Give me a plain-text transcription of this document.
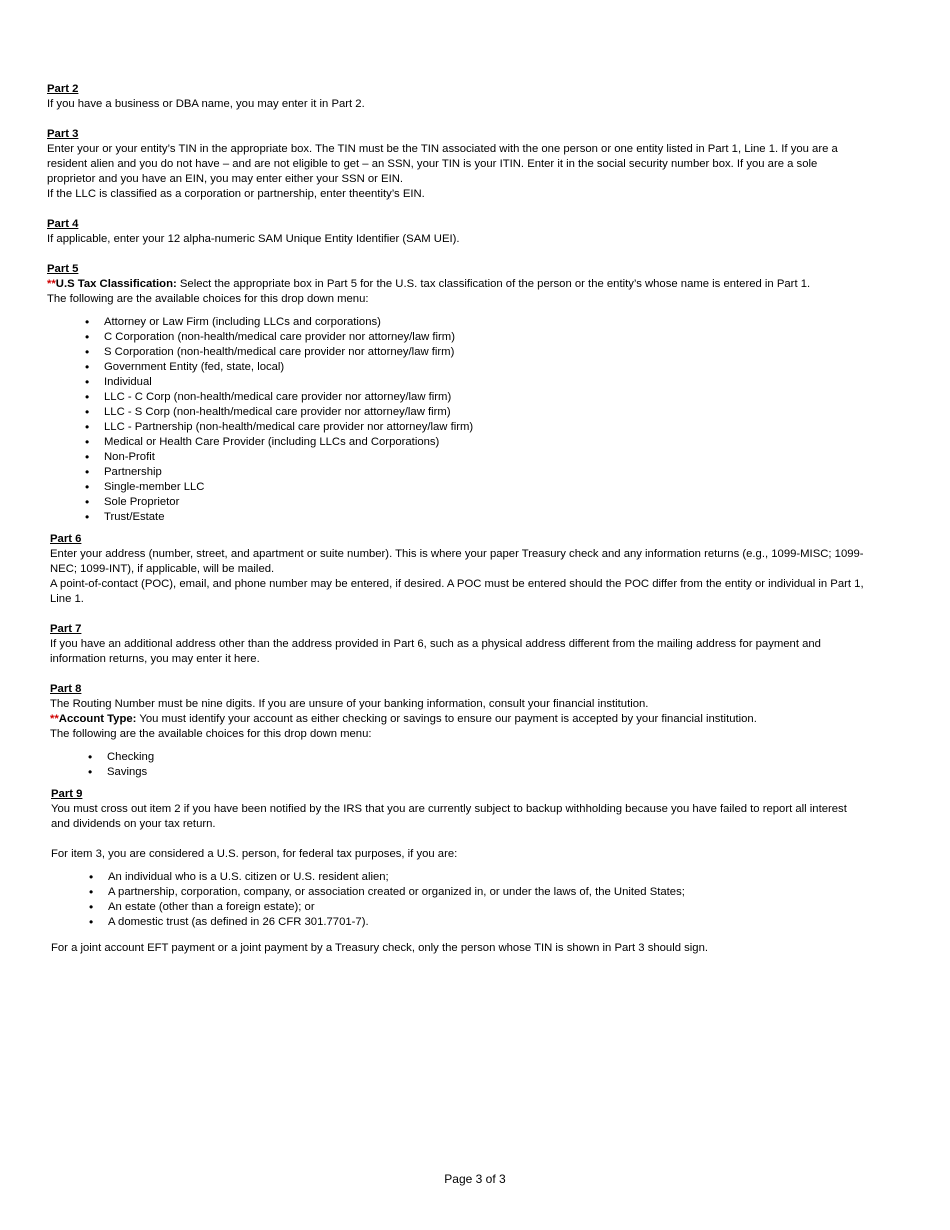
Part 2

If you have a business or DBA name, you may enter it in Part 2.

Part 3

Enter your or your entity’s TIN in the appropriate box. The TIN must be the TIN associated with the one person or one entity listed in Part 1, Line 1. If you are a resident alien and you do not have – and are not eligible to get – an SSN, your TIN is your ITIN. Enter it in the social security number box. If you are a sole proprietor and you have an EIN, you may enter either your SSN or EIN.

If the LLC is classified as a corporation or partnership, enter theentity’s EIN.

Part 4

If applicable, enter your 12 alpha-numeric SAM Unique Entity Identifier (SAM UEI).

Part 5

**U.S Tax Classification: Select the appropriate box in Part 5 for the U.S. tax classification of the person or the entity’s whose name is entered in Part 1.

The following are the available choices for this drop down menu:

• Attorney or Law Firm (including LLCs and corporations)
• C Corporation (non-health/medical care provider nor attorney/law firm)
• S Corporation (non-health/medical care provider nor attorney/law firm)
• Government Entity (fed, state, local)
• Individual
• LLC - C Corp (non-health/medical care provider nor attorney/law firm)
• LLC - S Corp (non-health/medical care provider nor attorney/law firm)
• LLC - Partnership (non-health/medical care provider nor attorney/law firm)
• Medical or Health Care Provider (including LLCs and Corporations)
• Non-Profit
• Partnership
• Single-member LLC
• Sole Proprietor
• Trust/Estate
Part 6

Enter your address (number, street, and apartment or suite number). This is where your paper Treasury check and any information returns (e.g., 1099-MISC; 1099-NEC; 1099-INT), if applicable, will be mailed.

A point-of-contact (POC), email, and phone number may be entered, if desired. A POC must be entered should the POC differ from the entity or individual in Part 1, Line 1.

Part 7

If you have an additional address other than the address provided in Part 6, such as a physical address different from the mailing address for payment and information returns, you may enter it here.

Part 8

The Routing Number must be nine digits. If you are unsure of your banking information, consult your financial institution.

**Account Type: You must identify your account as either checking or savings to ensure our payment is accepted by your financial institution.

The following are the available choices for this drop down menu:

• Checking
• Savings
Part 9

You must cross out item 2 if you have been notified by the IRS that you are currently subject to backup withholding because you have failed to report all interest and dividends on your tax return.

For item 3, you are considered a U.S. person, for federal tax purposes, if you are:

• An individual who is a U.S. citizen or U.S. resident alien;
• A partnership, corporation, company, or association created or organized in, or under the laws of, the United States;
• An estate (other than a foreign estate); or
• A domestic trust (as defined in 26 CFR 301.7701-7).

For a joint account EFT payment or a joint payment by a Treasury check, only the person whose TIN is shown in Part 3 should sign.

Page 3 of 3
